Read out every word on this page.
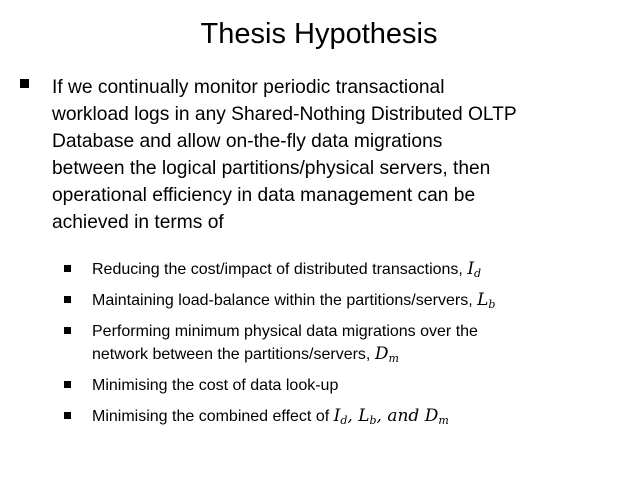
Thesis Hypothesis
If we continually monitor periodic transactional
workload logs in any Shared-Nothing Distributed OLTP
Database and allow on-the-fly data migrations
between the logical partitions/physical servers, then
operational efficiency in data management can be
achieved in terms of
Reducing the cost/impact of distributed transactions, $I_d$
Maintaining load-balance within the partitions/servers, $L_b$
Performing minimum physical data migrations over the
network between the partitions/servers, $D_m$
Minimising the cost of data look-up
Minimising the combined effect of $I_d$, $L_b$, and $D_m$
